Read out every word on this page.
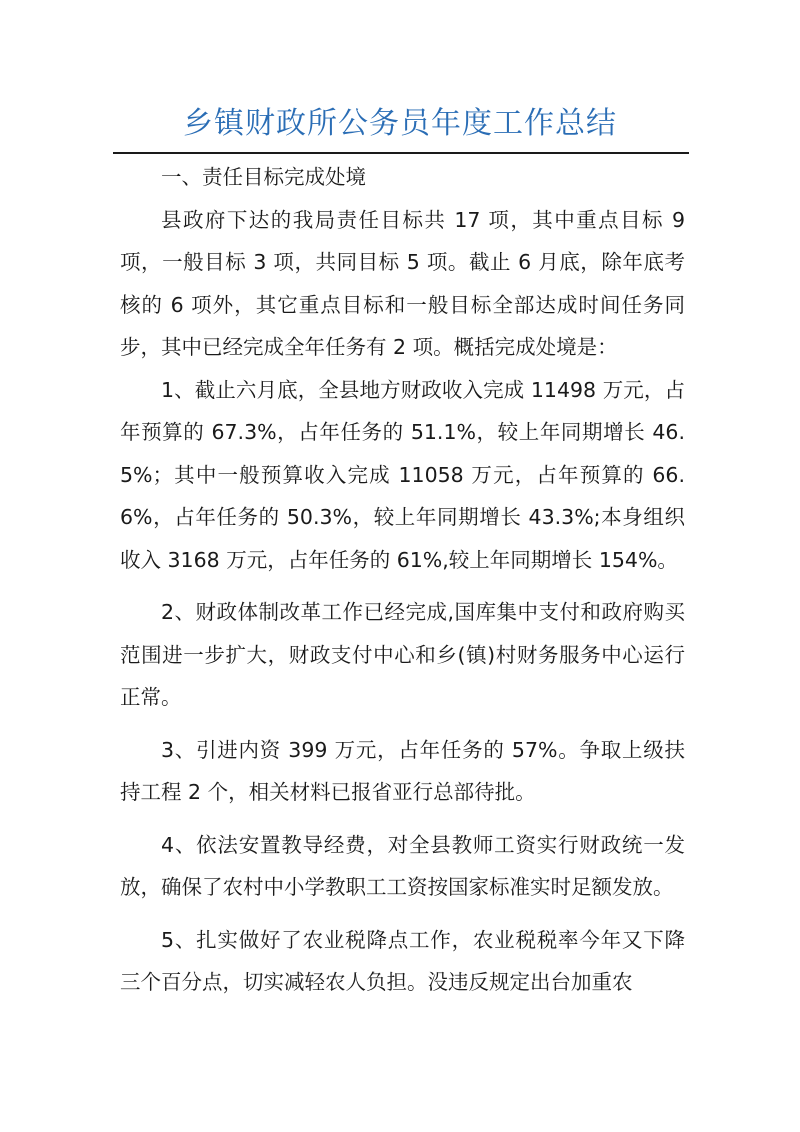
乡镇财政所公务员年度工作总结

一、责任目标完成处境

县政府下达的我局责任目标共 17 项，其中重点目标 9 项，一般目标 3 项，共同目标 5 项。截止 6 月底，除年底考核的 6 项外，其它重点目标和一般目标全部达成时间任务同步，其中已经完成全年任务有 2 项。概括完成处境是：

1、截止六月底，全县地方财政收入完成 11498 万元，占年预算的 67.3%，占年任务的 51.1%，较上年同期增长 46.5%；其中一般预算收入完成 11058 万元，占年预算的 66.6%，占年任务的 50.3%，较上年同期增长 43.3%;本身组织收入 3168 万元，占年任务的 61%,较上年同期增长 154%。

2、财政体制改革工作已经完成,国库集中支付和政府购买范围进一步扩大，财政支付中心和乡(镇)村财务服务中心运行正常。

3、引进内资 399 万元，占年任务的 57%。争取上级扶持工程 2 个，相关材料已报省亚行总部待批。

4、依法安置教导经费，对全县教师工资实行财政统一发放，确保了农村中小学教职工工资按国家标准实时足额发放。

5、扎实做好了农业税降点工作，农业税税率今年又下降三个百分点，切实减轻农人负担。没违反规定出台加重农
